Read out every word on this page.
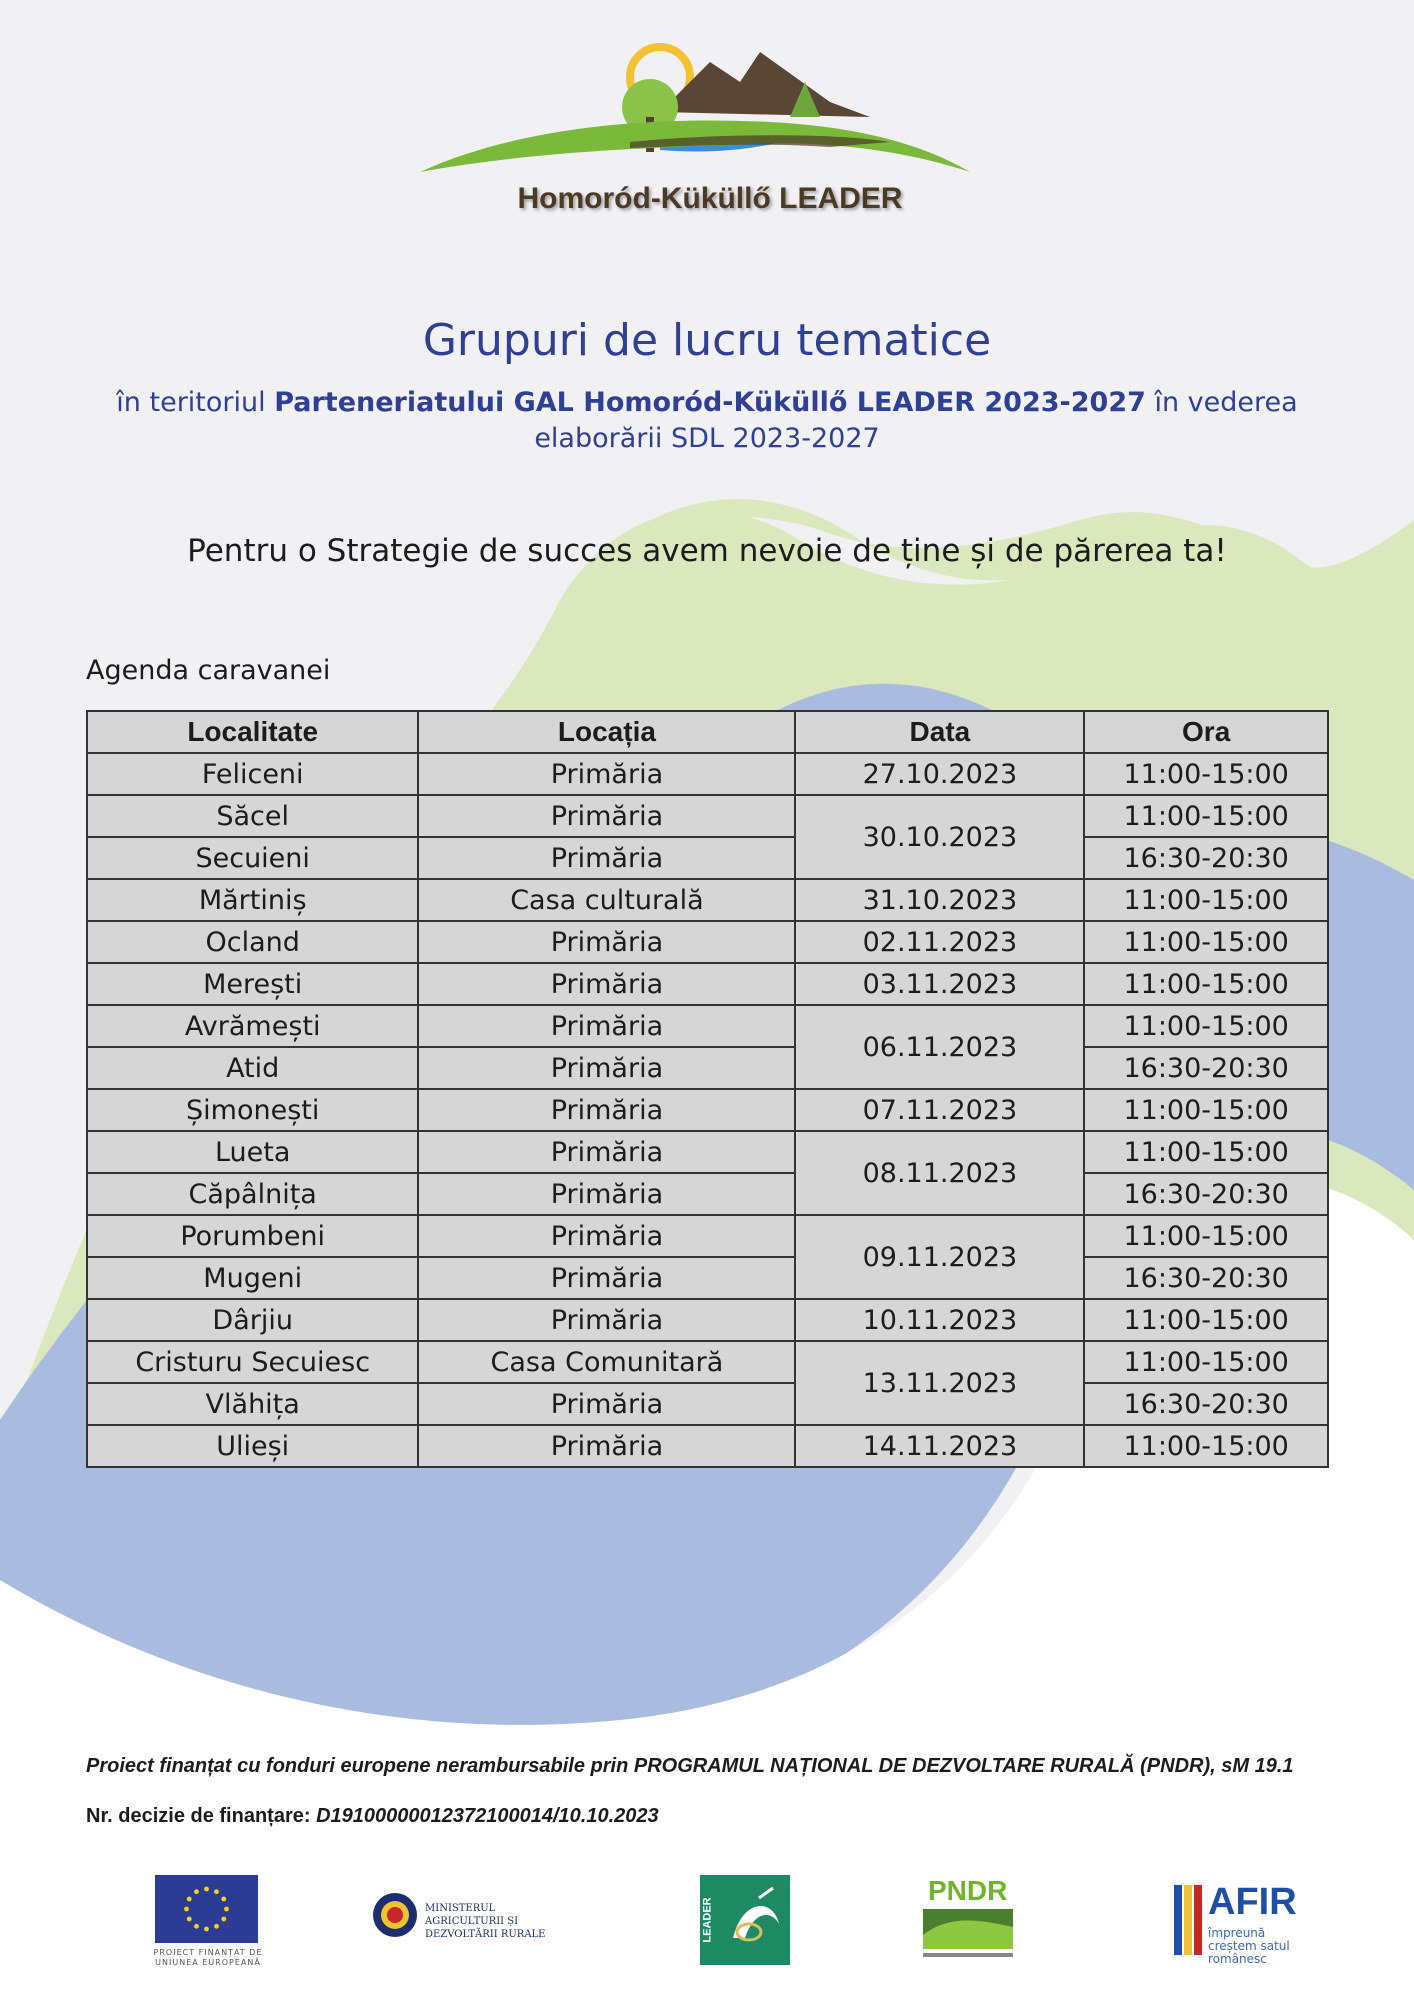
Homoród-Küküllő LEADER
Grupuri de lucru tematice
în teritoriul Parteneriatului GAL Homoród-Küküllő LEADER 2023-2027 în vederea elaborării SDL 2023-2027
Pentru o Strategie de succes avem nevoie de ține și de părerea ta!
Agenda caravanei
Localitate	Locația	Data	Ora
Feliceni	Primăria	27.10.2023	11:00-15:00
Săcel	Primăria	30.10.2023	11:00-15:00
Secuieni	Primăria		16:30-20:30
Mărtiniș	Casa culturală	31.10.2023	11:00-15:00
Ocland	Primăria	02.11.2023	11:00-15:00
Merești	Primăria	03.11.2023	11:00-15:00
Avrămești	Primăria	06.11.2023	11:00-15:00
Atid	Primăria		16:30-20:30
Șimonești	Primăria	07.11.2023	11:00-15:00
Lueta	Primăria	08.11.2023	11:00-15:00
Căpâlnița	Primăria		16:30-20:30
Porumbeni	Primăria	09.11.2023	11:00-15:00
Mugeni	Primăria		16:30-20:30
Dârjiu	Primăria	10.11.2023	11:00-15:00
Cristuru Secuiesc	Casa Comunitară	13.11.2023	11:00-15:00
Vlăhița	Primăria		16:30-20:30
Ulieși	Primăria	14.11.2023	11:00-15:00
Proiect finanțat cu fonduri europene nerambursabile prin PROGRAMUL NAȚIONAL DE DEZVOLTARE RURALĂ (PNDR), sM 19.1
Nr. decizie de finanțare: D19100000012372100014/10.10.2023
PROIECT FINANȚAT DE UNIUNEA EUROPEANĂ
MINISTERUL AGRICULTURII ȘI DEZVOLTĂRII RURALE	LEADER
PNDR	AFIR
împreună creștem satul românesc
